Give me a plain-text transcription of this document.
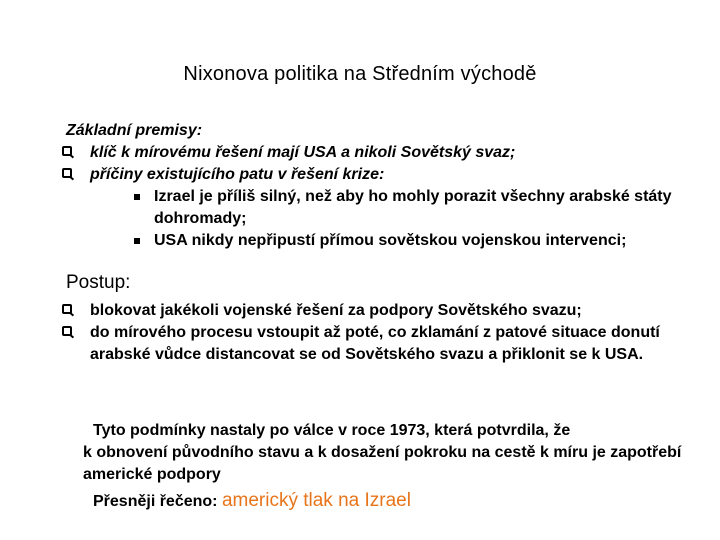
Nixonova politika na Středním východě
Základní premisy:
klíč k mírovému řešení mají USA a nikoli Sovětský svaz;
příčiny existujícího patu v řešení krize:
Izrael je příliš silný, než aby ho mohly porazit všechny arabské státy dohromady;
USA nikdy nepřipustí přímou sovětskou vojenskou intervenci;
Postup:
blokovat jakékoli vojenské řešení za podpory Sovětského svazu;
do mírového procesu vstoupit až poté, co zklamání z patové situace donutí arabské vůdce distancovat se od Sovětského svazu a přiklonit se k USA.
Tyto podmínky nastaly po válce v roce 1973, která potvrdila, že
k obnovení původního stavu a k dosažení pokroku na cestě k míru je zapotřebí americké podpory
Přesněji řečeno: americký tlak na Izrael
